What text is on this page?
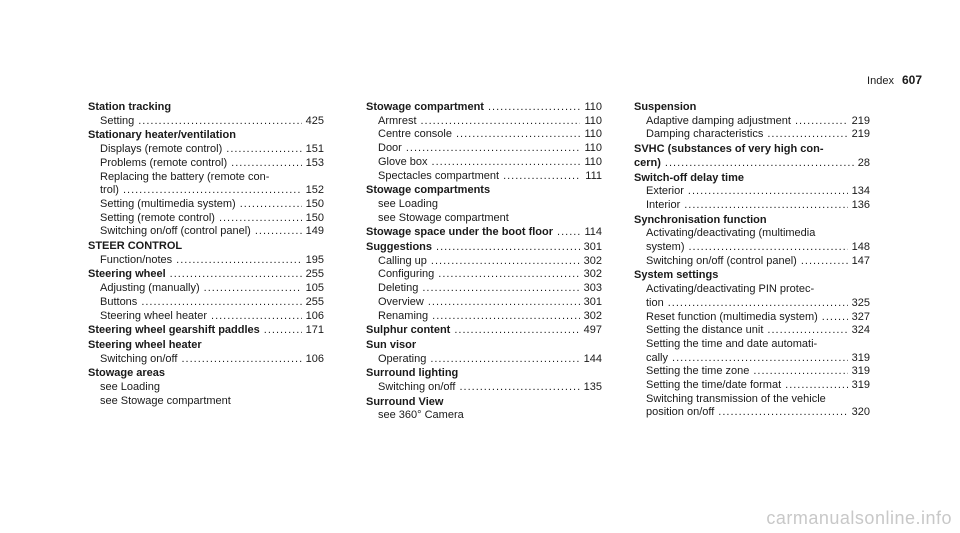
Index 607
Station tracking
Setting .....	425
Stationary heater/ventilation
Displays (remote control) .....	151
Problems (remote control) .....	153
Replacing the battery (remote con-
trol) .....	152
Setting (multimedia system) .....	150
Setting (remote control) .....	150
Switching on/off (control panel) .....	149
STEER CONTROL
Function/notes .....	195
Steering wheel .....	255
Adjusting (manually) .....	105
Buttons .....	255
Steering wheel heater .....	106
Steering wheel gearshift paddles .....	171
Steering wheel heater
Switching on/off .....	106
Stowage areas
see Loading
see Stowage compartment
Stowage compartment .....	110
Armrest .....	110
Centre console .....	110
Door .....	110
Glove box .....	110
Spectacles compartment .....	111
Stowage compartments
see Loading
see Stowage compartment
Stowage space under the boot floor .....	114
Suggestions .....	301
Calling up .....	302
Configuring .....	302
Deleting .....	303
Overview .....	301
Renaming .....	302
Sulphur content .....	497
Sun visor
Operating .....	144
Surround lighting
Switching on/off .....	135
Surround View
see 360° Camera
Suspension
Adaptive damping adjustment .....	219
Damping characteristics .....	219
SVHC (substances of very high con-
cern) .....	28
Switch-off delay time
Exterior .....	134
Interior .....	136
Synchronisation function
Activating/deactivating (multimedia
system) .....	148
Switching on/off (control panel) .....	147
System settings
Activating/deactivating PIN protec-
tion .....	325
Reset function (multimedia system) .....	327
Setting the distance unit .....	324
Setting the time and date automati-
cally .....	319
Setting the time zone .....	319
Setting the time/date format .....	319
Switching transmission of the vehicle
position on/off .....	320
carmanualsonline.info
